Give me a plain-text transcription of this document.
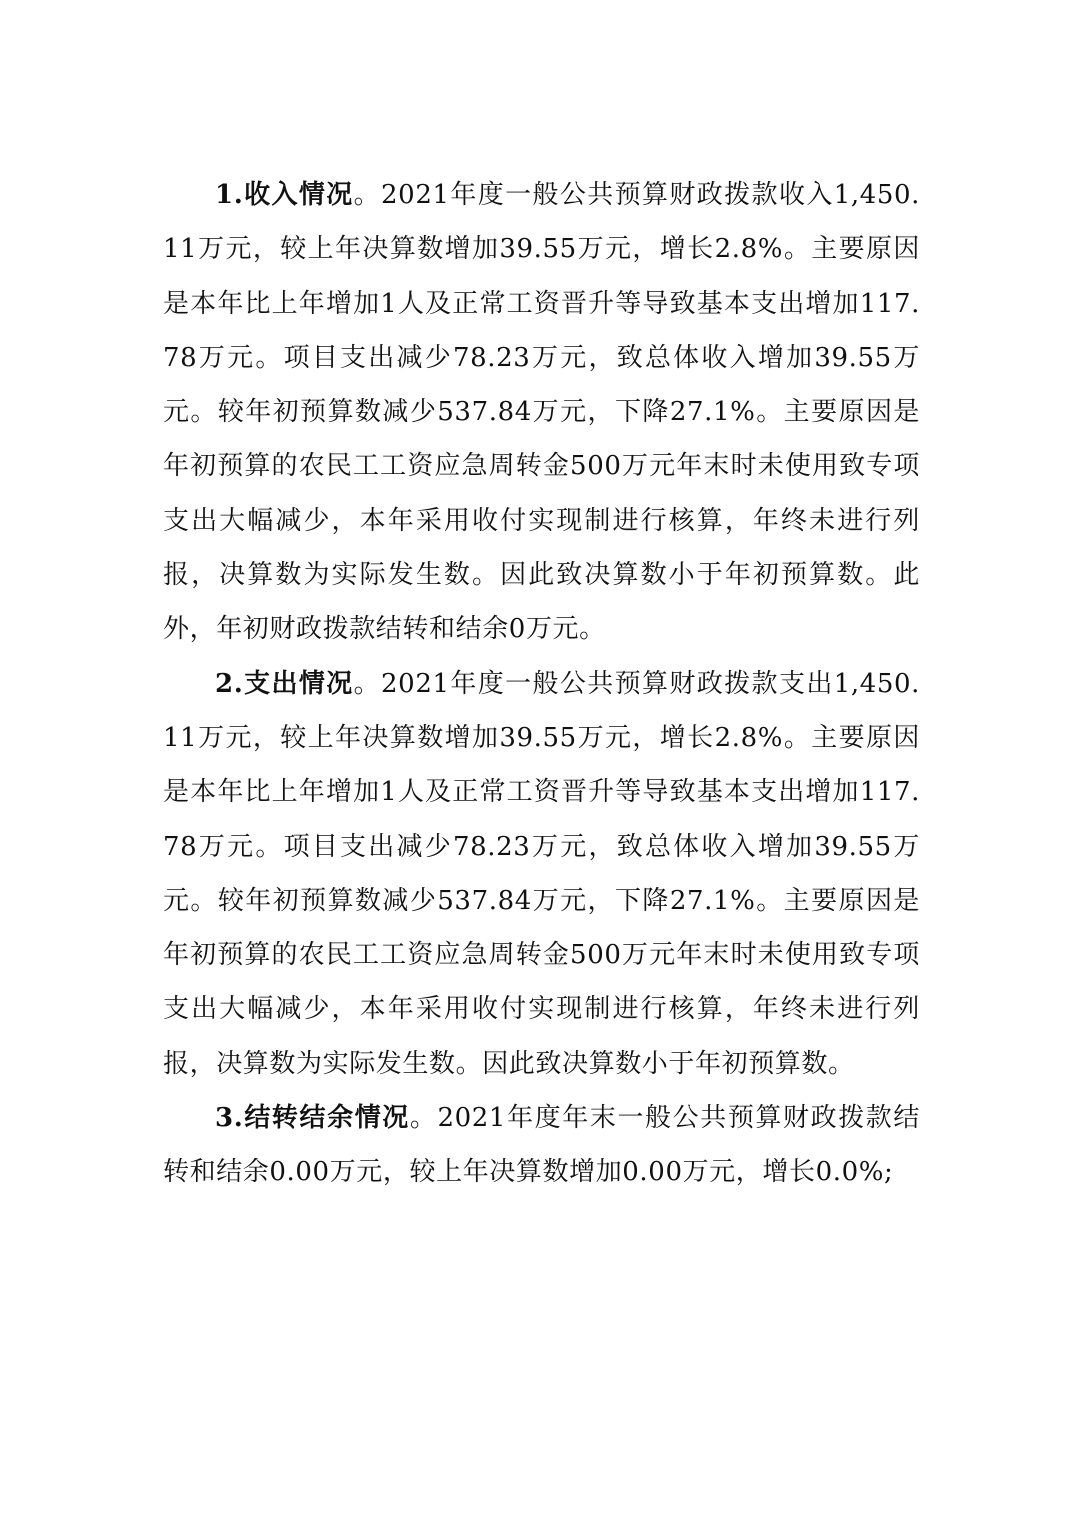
1.收入情况。2021年度一般公共预算财政拨款收入1,450.11万元，较上年决算数增加39.55万元，增长2.8%。主要原因是本年比上年增加1人及正常工资晋升等导致基本支出增加117.78万元。项目支出减少78.23万元，致总体收入增加39.55万元。较年初预算数减少537.84万元，下降27.1%。主要原因是年初预算的农民工工资应急周转金500万元年末时未使用致专项支出大幅减少，本年采用收付实现制进行核算，年终未进行列报，决算数为实际发生数。因此致决算数小于年初预算数。此外，年初财政拨款结转和结余0万元。

2.支出情况。2021年度一般公共预算财政拨款支出1,450.11万元，较上年决算数增加39.55万元，增长2.8%。主要原因是本年比上年增加1人及正常工资晋升等导致基本支出增加117.78万元。项目支出减少78.23万元，致总体收入增加39.55万元。较年初预算数减少537.84万元，下降27.1%。主要原因是年初预算的农民工工资应急周转金500万元年末时未使用致专项支出大幅减少，本年采用收付实现制进行核算，年终未进行列报，决算数为实际发生数。因此致决算数小于年初预算数。

3.结转结余情况。2021年度年末一般公共预算财政拨款结转和结余0.00万元，较上年决算数增加0.00万元，增长0.0%;
